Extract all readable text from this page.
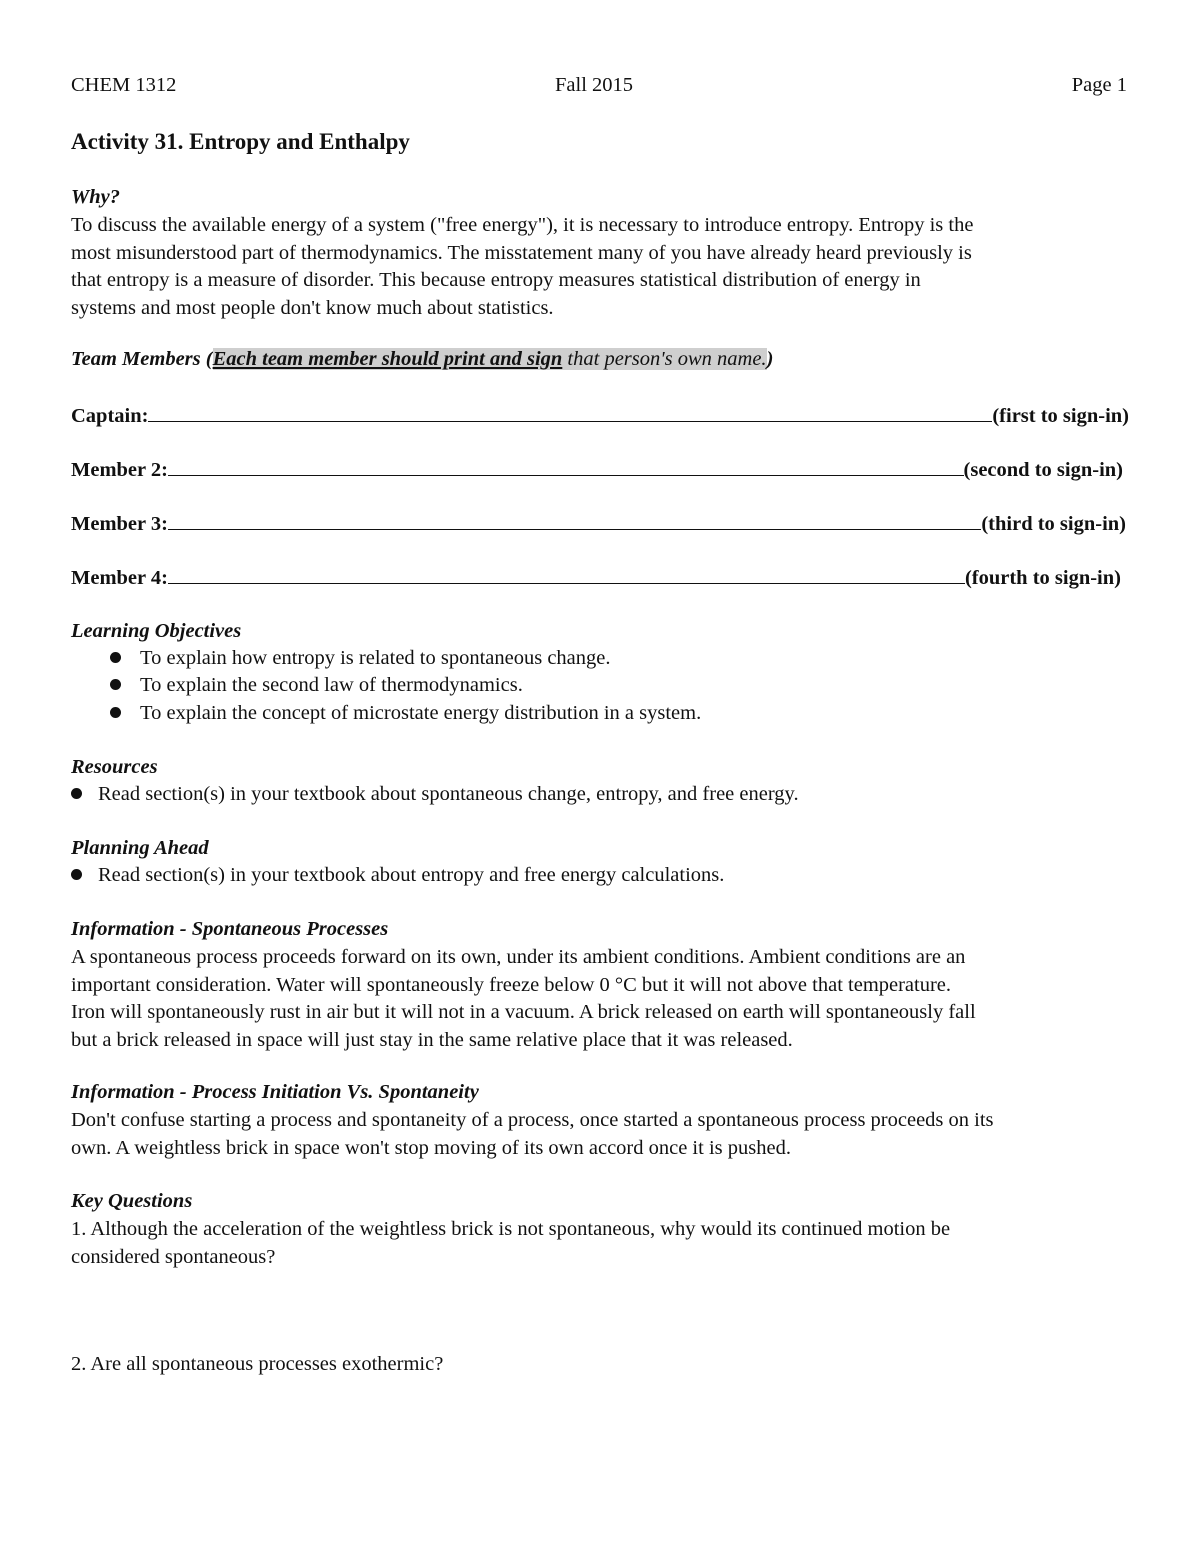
CHEM 1312	Fall 2015	Page 1
Activity 31. Entropy and Enthalpy
Why?
To discuss the available energy of a system ("free energy"), it is necessary to introduce entropy. Entropy is the
most misunderstood part of thermodynamics. The misstatement many of you have already heard previously is
that entropy is a measure of disorder. This because entropy measures statistical distribution of energy in
systems and most people don't know much about statistics.
Team Members (Each team member should print and sign that person's own name.)
Captain:	(first to sign-in)
Member 2:	(second to sign-in)
Member 3:	(third to sign-in)
Member 4:	(fourth to sign-in)
Learning Objectives
To explain how entropy is related to spontaneous change.
To explain the second law of thermodynamics.
To explain the concept of microstate energy distribution in a system.
Resources
Read section(s) in your textbook about spontaneous change, entropy, and free energy.
Planning Ahead
Read section(s) in your textbook about entropy and free energy calculations.
Information - Spontaneous Processes
A spontaneous process proceeds forward on its own, under its ambient conditions. Ambient conditions are an
important consideration. Water will spontaneously freeze below 0 °C but it will not above that temperature.
Iron will spontaneously rust in air but it will not in a vacuum. A brick released on earth will spontaneously fall
but a brick released in space will just stay in the same relative place that it was released.
Information - Process Initiation Vs. Spontaneity
Don't confuse starting a process and spontaneity of a process, once started a spontaneous process proceeds on its
own. A weightless brick in space won't stop moving of its own accord once it is pushed.
Key Questions
1. Although the acceleration of the weightless brick is not spontaneous, why would its continued motion be
considered spontaneous?
2. Are all spontaneous processes exothermic?
